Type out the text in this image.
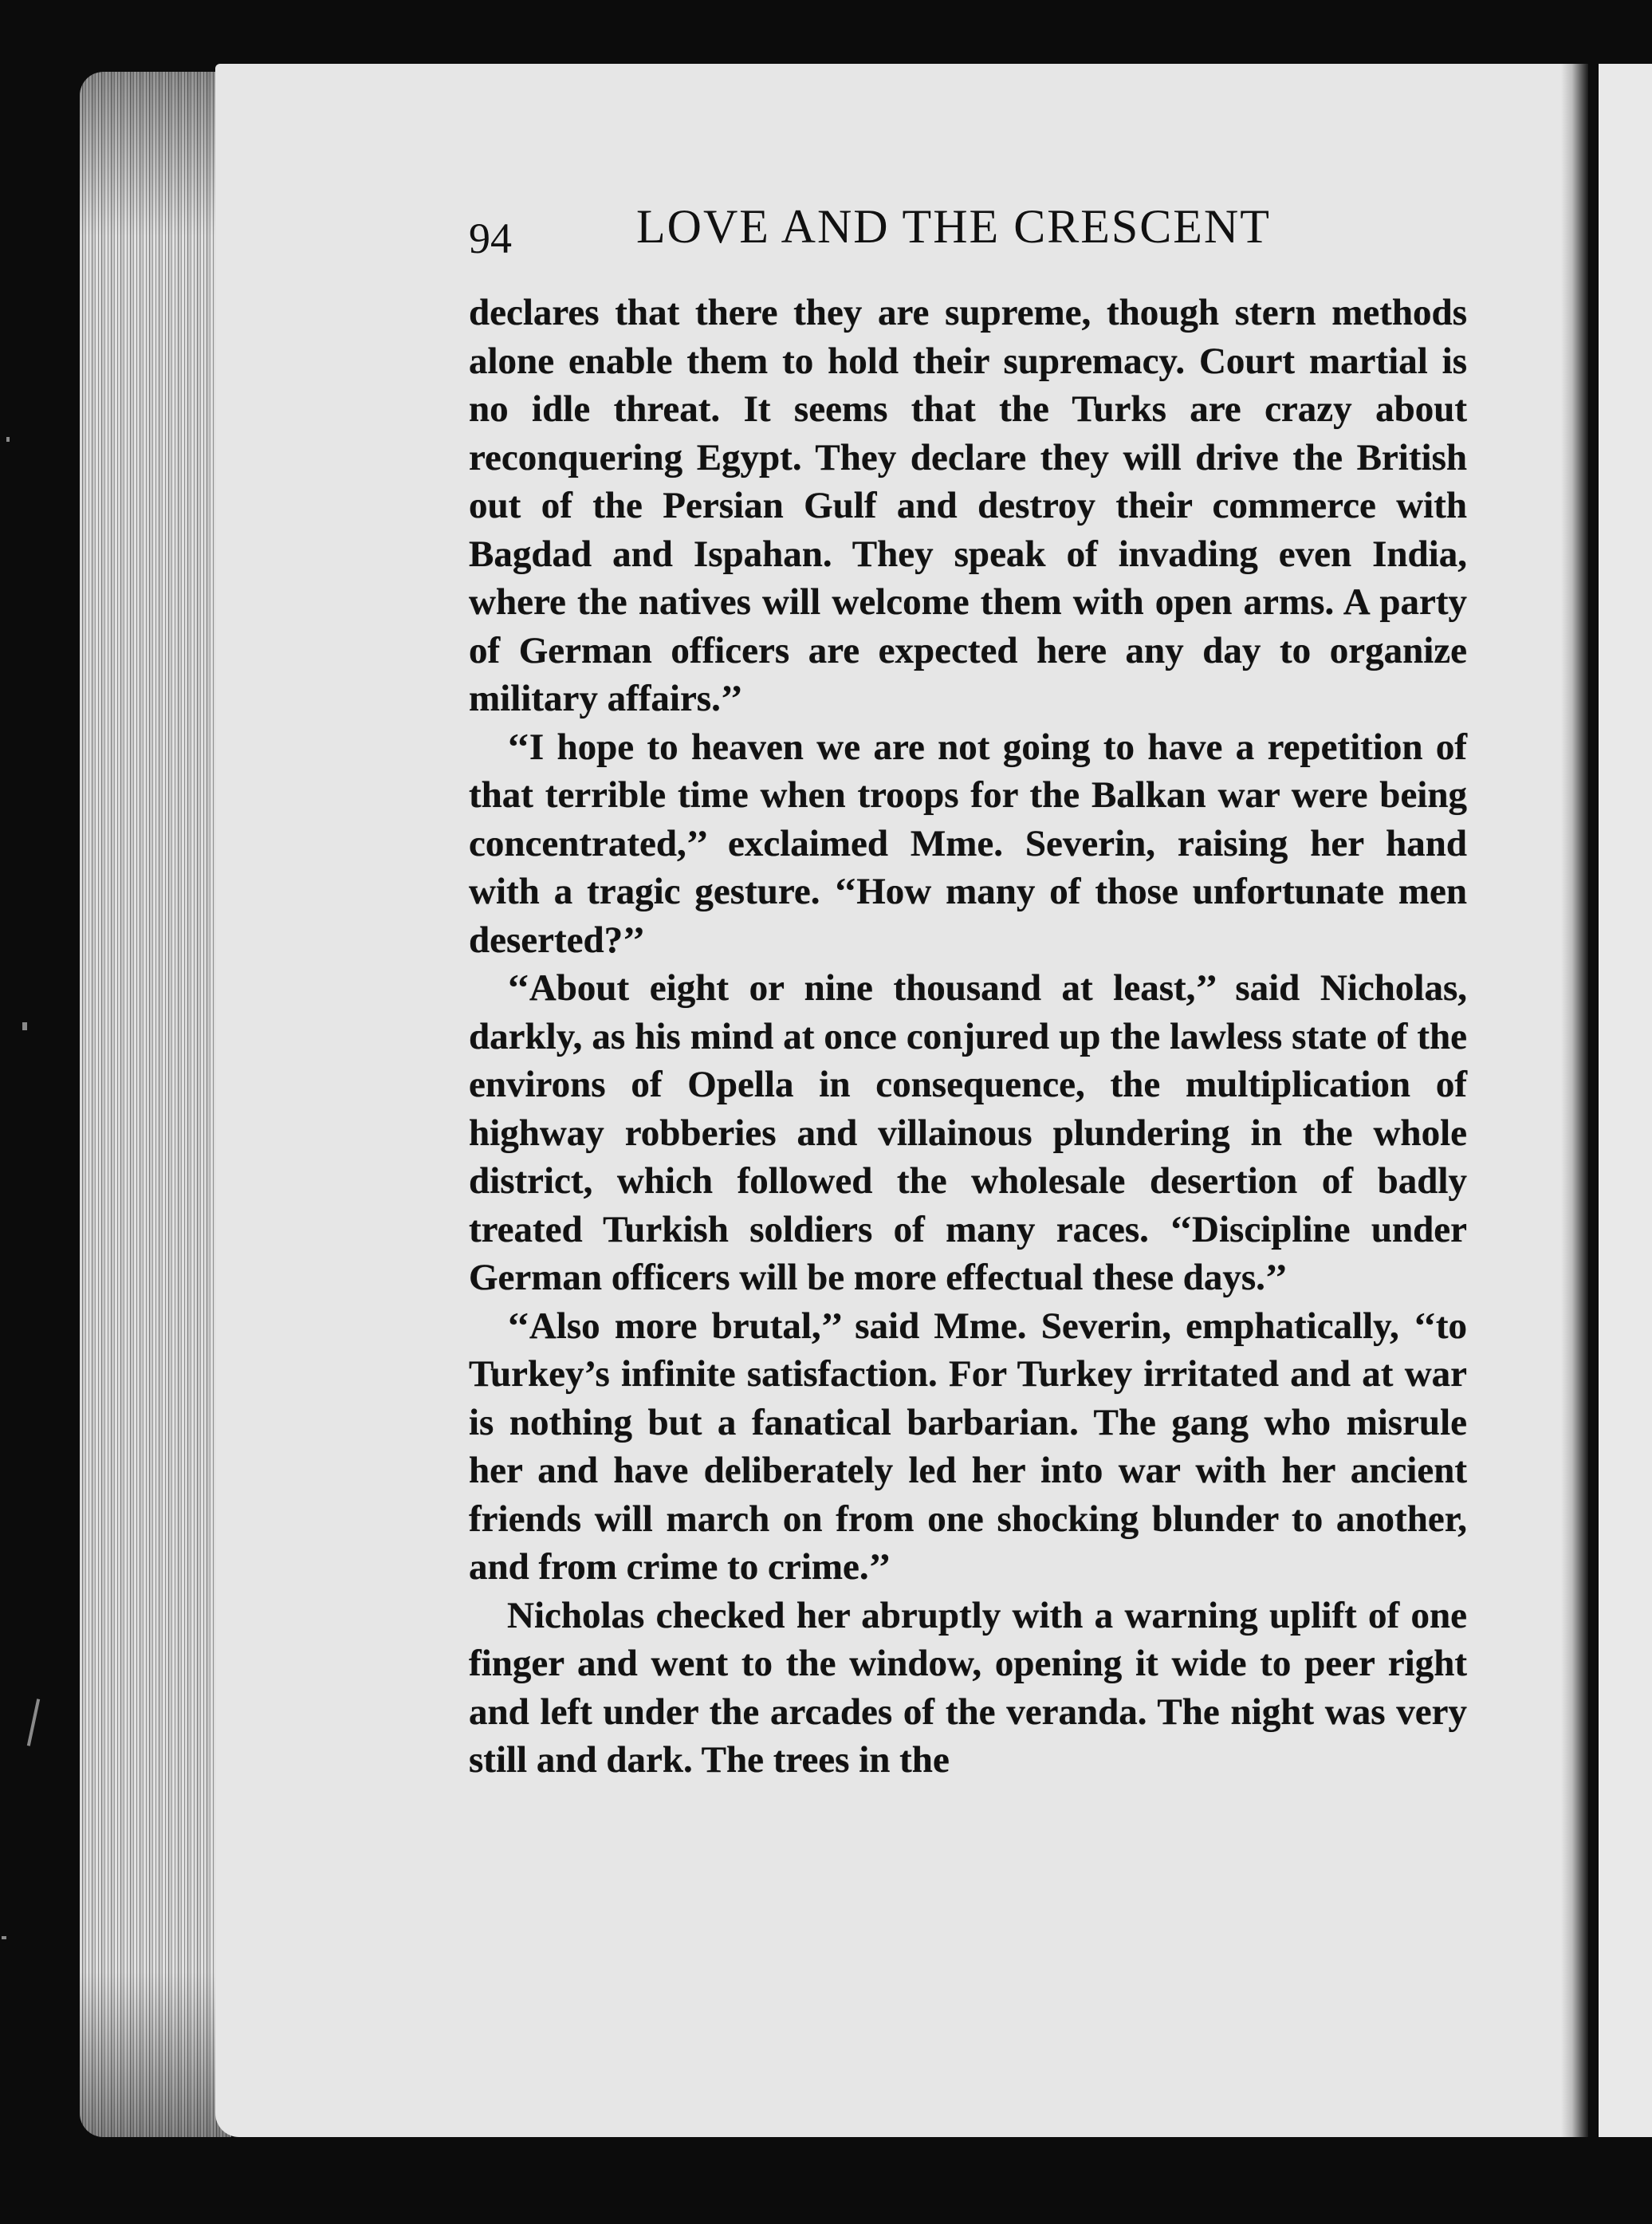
94	LOVE AND THE CRESCENT

declares that there they are supreme, though stern methods alone enable them to hold their supremacy. Court martial is no idle threat. It seems that the Turks are crazy about reconquering Egypt. They declare they will drive the British out of the Persian Gulf and destroy their commerce with Bagdad and Ispahan. They speak of invading even India, where the natives will welcome them with open arms. A party of German officers are expected here any day to organize military affairs.’’

‘‘I hope to heaven we are not going to have a repetition of that terrible time when troops for the Balkan war were being concentrated,’’ exclaimed Mme. Severin, raising her hand with a tragic gesture. ‘‘How many of those unfortunate men deserted?’’

‘‘About eight or nine thousand at least,’’ said Nicholas, darkly, as his mind at once conjured up the lawless state of the environs of Opella in consequence, the multiplication of highway robberies and villainous plundering in the whole district, which followed the wholesale desertion of badly treated Turkish soldiers of many races. ‘‘Discipline under German officers will be more effectual these days.’’

‘‘Also more brutal,’’ said Mme. Severin, emphatically, ‘‘to Turkey’s infinite satisfaction. For Turkey irritated and at war is nothing but a fanatical barbarian. The gang who misrule her and have deliberately led her into war with her ancient friends will march on from one shocking blunder to another, and from crime to crime.’’

Nicholas checked her abruptly with a warning uplift of one finger and went to the window, opening it wide to peer right and left under the arcades of the veranda. The night was very still and dark. The trees in the
